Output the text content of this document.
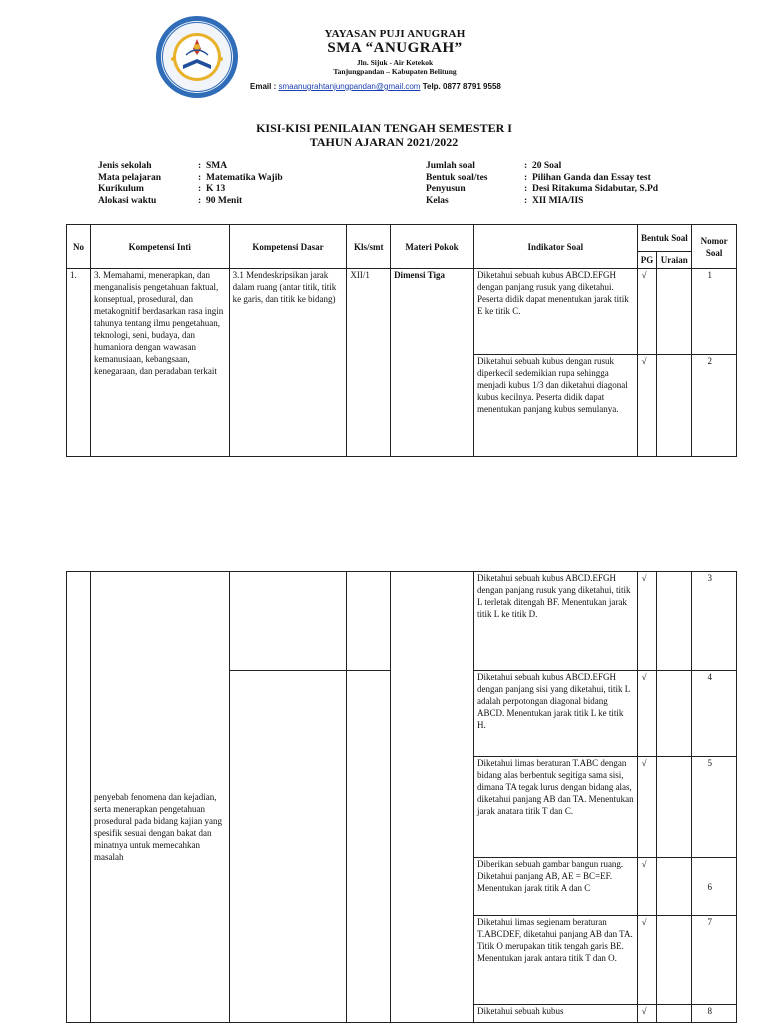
YAYASAN PUJI ANUGRAH
SMA “ANUGRAH”
Jln. Sijuk - Air Ketekok
Tanjungpandan – Kabupaten Belitung
Email : smaanugrahtanjungpandan@gmail.com Telp. 0877 8791 9558
KISI-KISI PENILAIAN TENGAH SEMESTER I
TAHUN AJARAN 2021/2022
Jenis sekolah	: SMA
Mata pelajaran	: Matematika Wajib
Kurikulum	: K 13
Alokasi waktu	: 90 Menit
Jumlah soal	: 20 Soal
Bentuk soal/tes	: Pilihan Ganda dan Essay test
Penyusun	: Desi Ritakuma Sidabutar, S.Pd
Kelas	: XII MIA/IIS
No	Kompetensi Inti	Kompetensi Dasar	Kls/smt	Materi Pokok	Indikator Soal	Bentuk Soal		Nomor Soal
						PG	Uraian	
1.	3. Memahami, menerapkan, dan menganalisis pengetahuan faktual, konseptual, prosedural, dan metakognitif berdasarkan rasa ingin tahunya tentang ilmu pengetahuan, teknologi, seni, budaya, dan humaniora dengan wawasan kemanusiaan, kebangsaan, kenegaraan, dan peradaban terkait	3.1 Mendeskripsikan jarak dalam ruang (antar titik, titik ke garis, dan titik ke bidang)	XII/1	Dimensi Tiga	Diketahui sebuah kubus ABCD.EFGH dengan panjang rusuk yang diketahui. Peserta didik dapat menentukan jarak titik E ke titik C.	√		1
					Diketahui sebuah kubus dengan rusuk diperkecil sedemikian rupa sehingga menjadi kubus 1/3 dan diketahui diagonal kubus kecilnya. Peserta didik dapat menentukan panjang kubus semulanya.	√		2
	penyebab fenomena dan kejadian, serta menerapkan pengetahuan prosedural pada bidang kajian yang spesifik sesuai dengan bakat dan minatnya untuk memecahkan masalah				Diketahui sebuah kubus ABCD.EFGH dengan panjang rusuk yang diketahui, titik L terletak ditengah BF. Menentukan jarak titik L ke titik D.	√		3
					Diketahui sebuah kubus ABCD.EFGH dengan panjang sisi yang diketahui, titik L adalah perpotongan diagonal bidang ABCD. Menentukan jarak titik L ke titik H.	√		4
					Diketahui limas beraturan T.ABC dengan bidang alas berbentuk segitiga sama sisi, dimana TA tegak lurus dengan bidang alas, diketahui panjang AB dan TA. Menentukan jarak anatara titik T dan C.	√		5
					Diberikan sebuah gambar bangun ruang. Diketahui panjang AB, AE = BC=EF. Menentukan jarak titik A dan C	√		6
					Diketahui limas segienam beraturan T.ABCDEF, diketahui panjang AB dan TA. Titik O merupakan titik tengah garis BE. Menentukan jarak antara titik T dan O.	√		7
					Diketahui sebuah kubus	√		8
